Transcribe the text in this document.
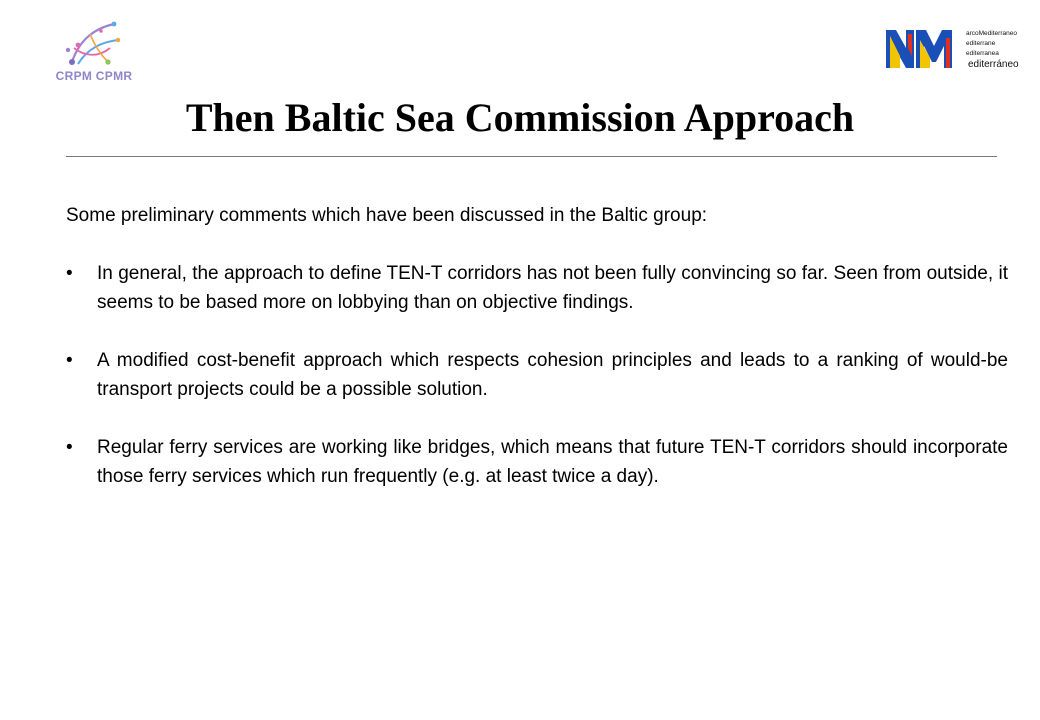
CRPM CPMR
arcoMediterraneo
editerrane
editerranea
editerráneo
Then Baltic Sea Commission Approach

Some preliminary comments which have been discussed in the Baltic group:

• In general, the approach to define TEN-T corridors has not been fully convincing so far. Seen from outside, it seems to be based more on lobbying than on objective findings.
• A modified cost-benefit approach which respects cohesion principles and leads to a ranking of would-be transport projects could be a possible solution.
• Regular ferry services are working like bridges, which means that future TEN-T corridors should incorporate those ferry services which run frequently (e.g. at least twice a day).
